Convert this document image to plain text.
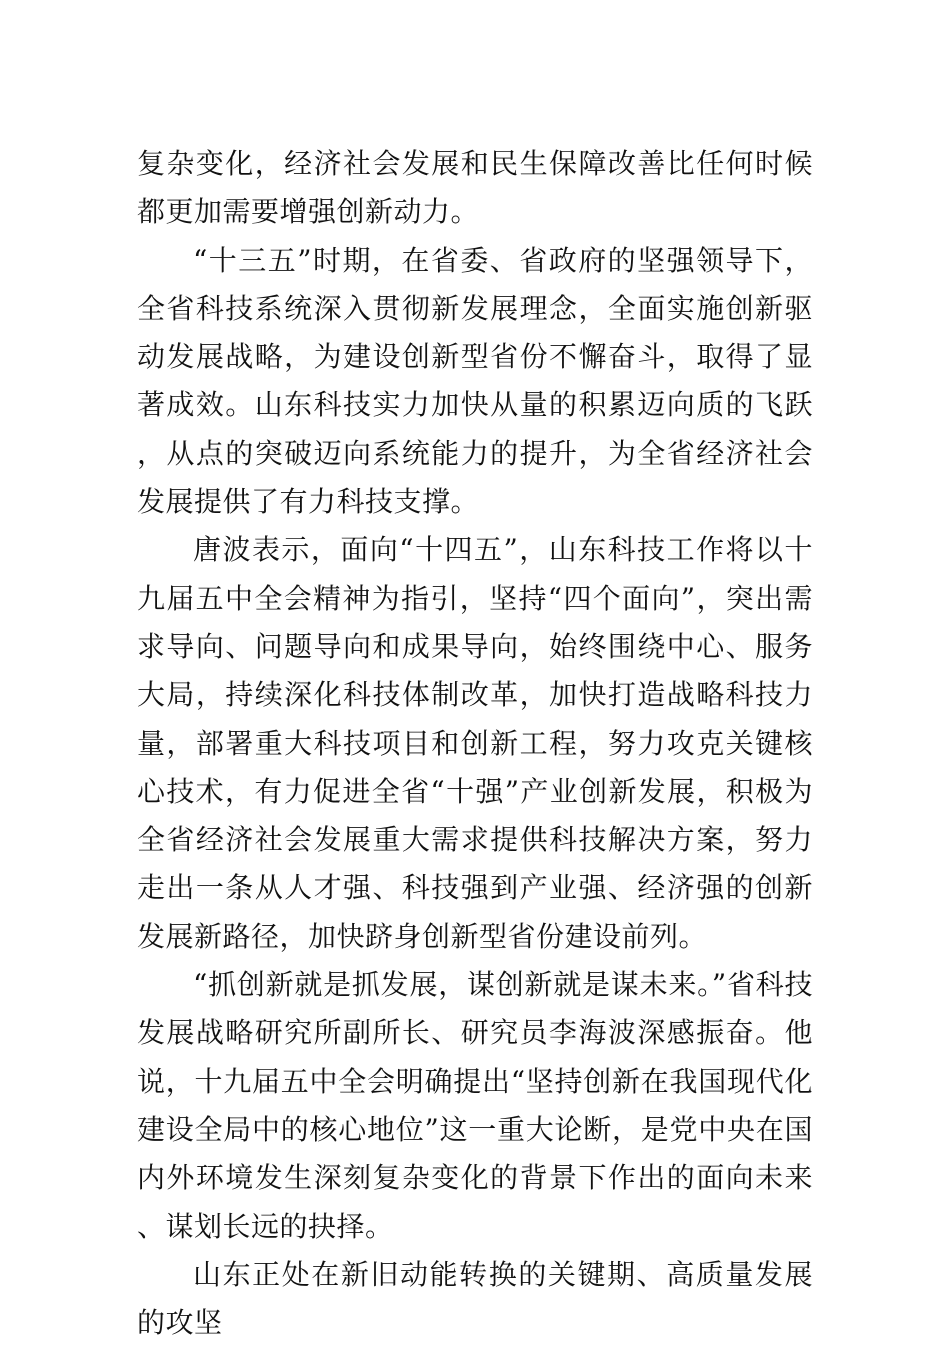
复杂变化，经济社会发展和民生保障改善比任何时候都更加需要增强创新动力。

“十三五”时期，在省委、省政府的坚强领导下，全省科技系统深入贯彻新发展理念，全面实施创新驱动发展战略，为建设创新型省份不懈奋斗，取得了显著成效。山东科技实力加快从量的积累迈向质的飞跃，从点的突破迈向系统能力的提升，为全省经济社会发展提供了有力科技支撑。

唐波表示，面向“十四五”，山东科技工作将以十九届五中全会精神为指引，坚持“四个面向”，突出需求导向、问题导向和成果导向，始终围绕中心、服务大局，持续深化科技体制改革，加快打造战略科技力量，部署重大科技项目和创新工程，努力攻克关键核心技术，有力促进全省“十强”产业创新发展，积极为全省经济社会发展重大需求提供科技解决方案，努力走出一条从人才强、科技强到产业强、经济强的创新发展新路径，加快跻身创新型省份建设前列。

“抓创新就是抓发展，谋创新就是谋未来。”省科技发展战略研究所副所长、研究员李海波深感振奋。他说，十九届五中全会明确提出“坚持创新在我国现代化建设全局中的核心地位”这一重大论断，是党中央在国内外环境发生深刻复杂变化的背景下作出的面向未来、谋划长远的抉择。

山东正处在新旧动能转换的关键期、高质量发展的攻坚
